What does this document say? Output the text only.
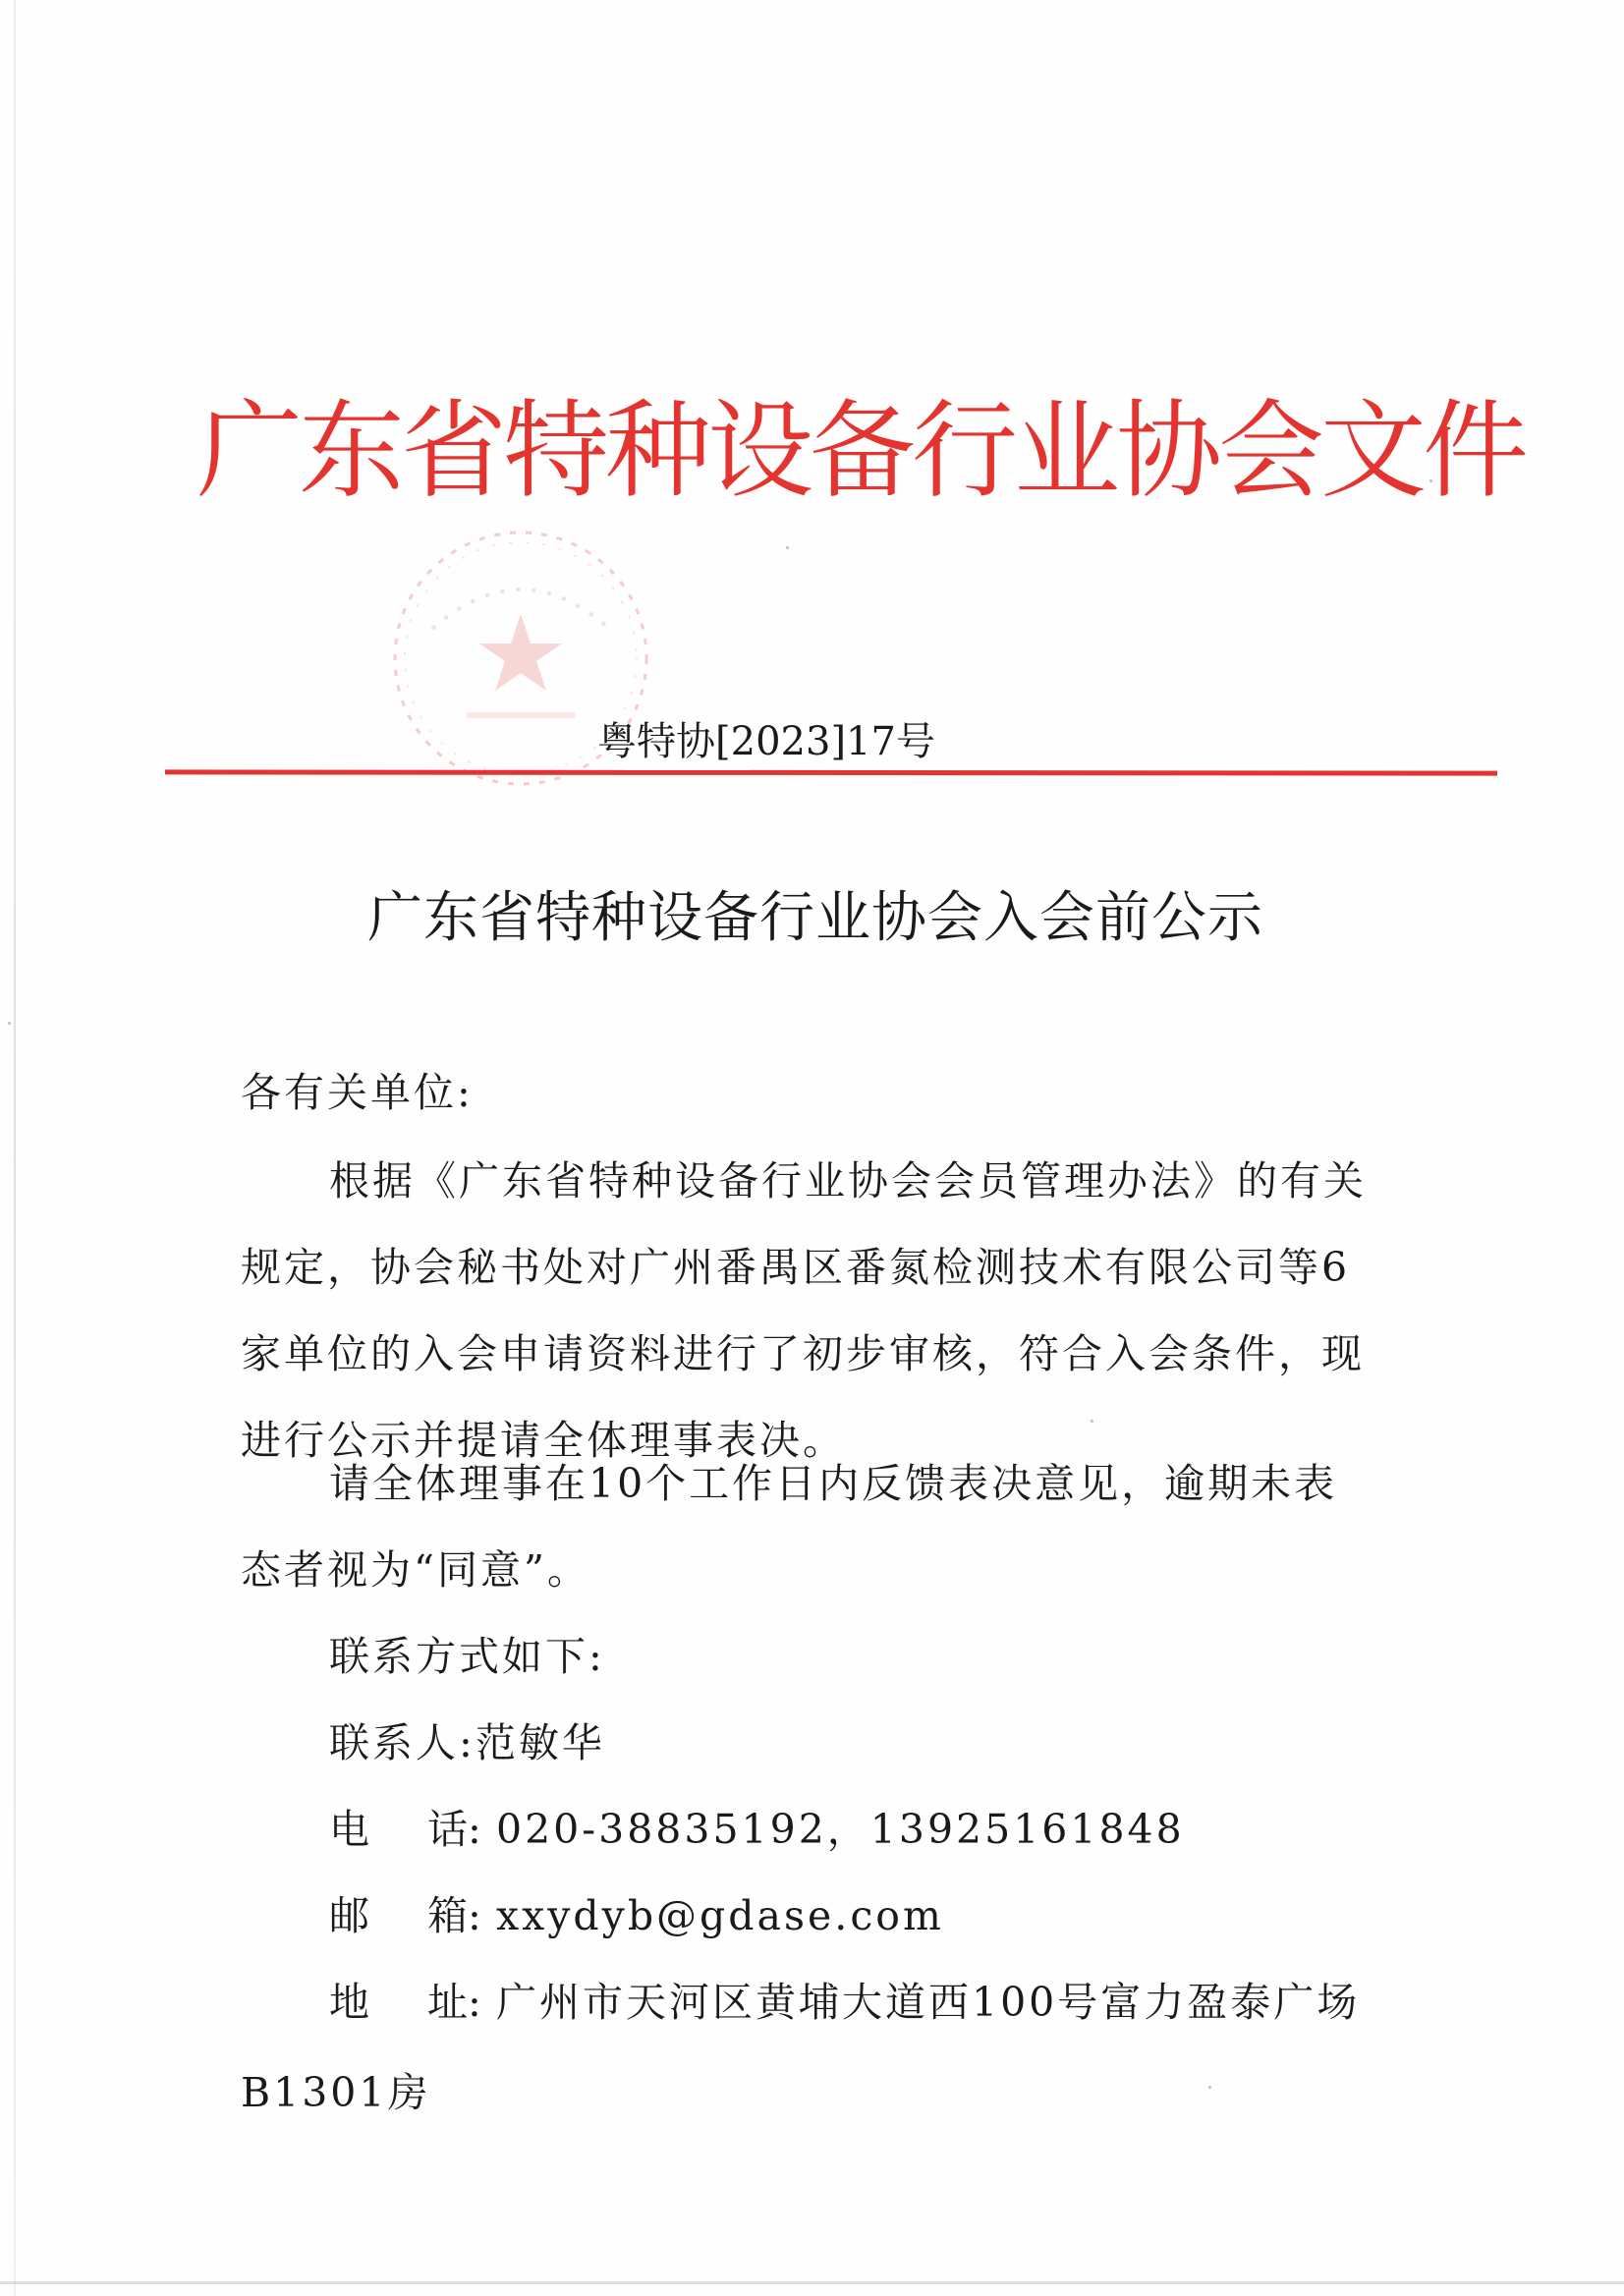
广东省特种设备行业协会文件
粤特协[2023]17号
广东省特种设备行业协会入会前公示
各有关单位:
根据《广东省特种设备行业协会会员管理办法》的有关
规定，协会秘书处对广州番禺区番氮检测技术有限公司等6
家单位的入会申请资料进行了初步审核，符合入会条件，现
进行公示并提请全体理事表决。
请全体理事在10个工作日内反馈表决意见，逾期未表
态者视为“同意”。
联系方式如下:
联系人:范敏华
电 话: 020-38835192，13925161848
邮 箱: xxydyb@gdase.com
地 址: 广州市天河区黄埔大道西100号富力盈泰广场
B1301房
